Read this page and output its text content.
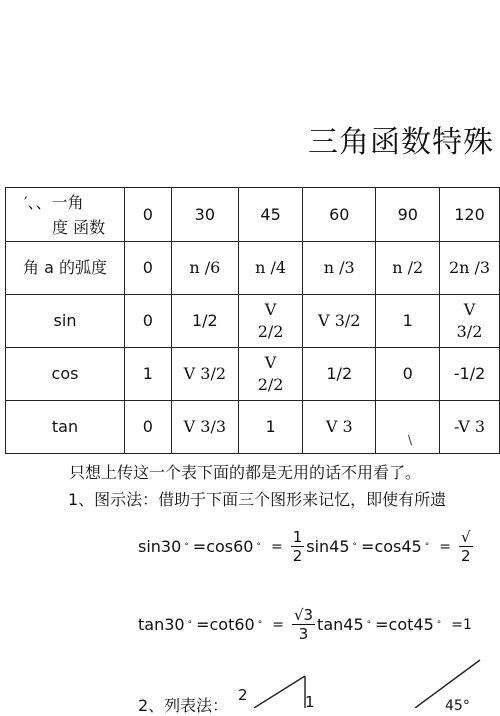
三角函数特殊
′、、一角
度 函数	0	30	45	60	90	120
角 a 的弧度	0	n /6	n /4	n /3	n /2	2n /3
sin	0	1/2	V 2/2	V 3/2	1	V 3/2
cos	1	V 3/2	V 2/2	1/2	0	-1/2
tan	0	V 3/3	1	V 3		-V 3
\
只想上传这一个表下面的都是无用的话不用看了。
1、图示法：借助于下面三个图形来记忆，即使有所遗
sin30 ° =cos60 ° = $\frac{1}{2} \sin 45$ ° =cos45 ° = $\frac{√}{2}$
tan30 ° =cot60 ° = $\frac{√3}{3} \tan 45$ ° =cot45 ° =1
2、列表法：
2	1	45°
